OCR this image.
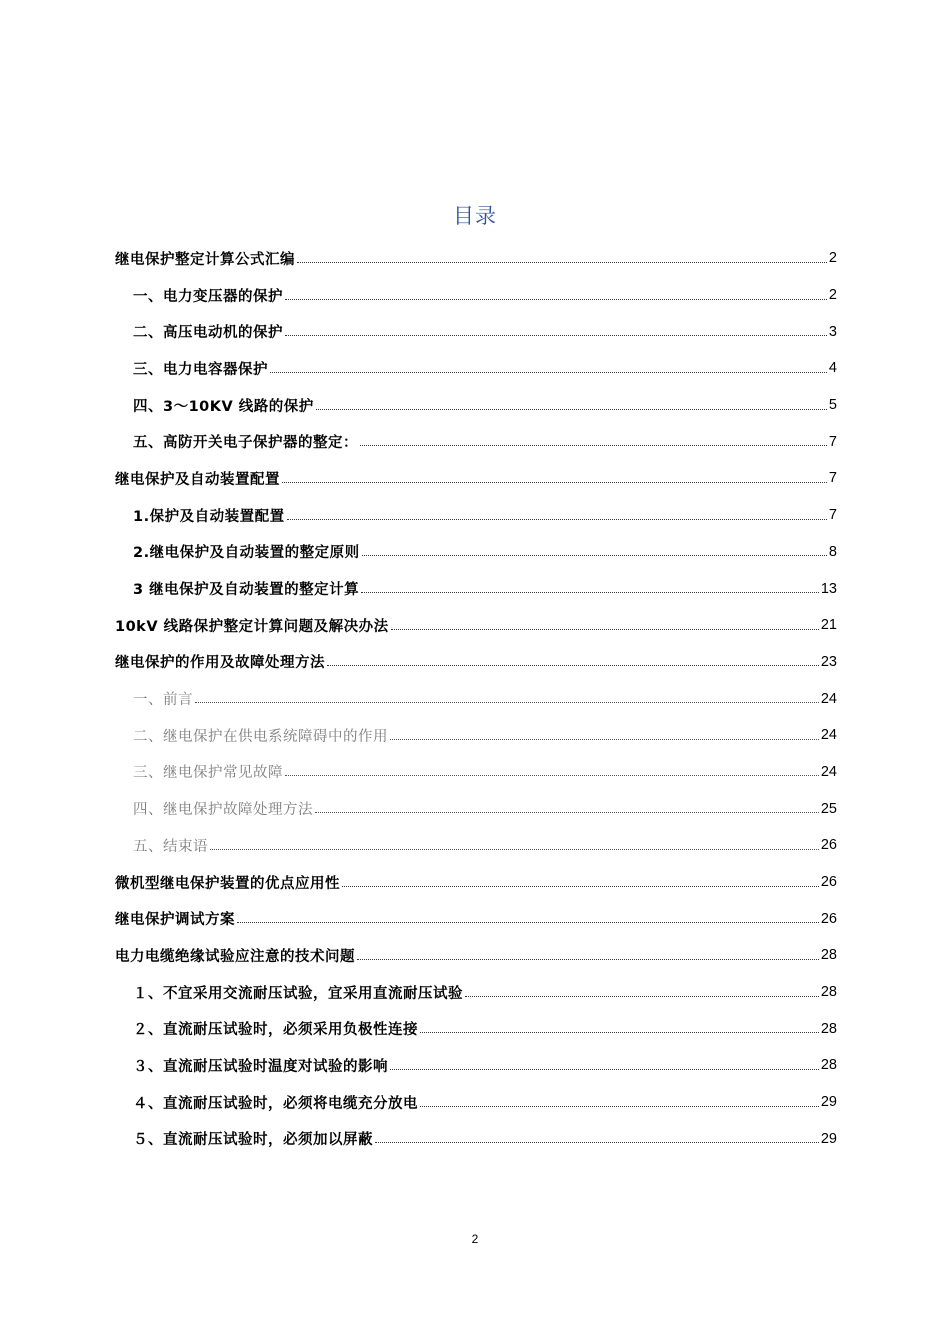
目录
继电保护整定计算公式汇编	2
一、电力变压器的保护	2
二、高压电动机的保护	3
三、电力电容器保护	4
四、3～10KV 线路的保护	5
五、高防开关电子保护器的整定：	7
继电保护及自动装置配置	7
1.保护及自动装置配置	7
2.继电保护及自动装置的整定原则	8
3 继电保护及自动装置的整定计算	13
10kV 线路保护整定计算问题及解决办法	21
继电保护的作用及故障处理方法	23
一、前言	24
二、继电保护在供电系统障碍中的作用	24
三、继电保护常见故障	24
四、继电保护故障处理方法	25
五、结束语	26
微机型继电保护装置的优点应用性	26
继电保护调试方案	26
电力电缆绝缘试验应注意的技术问题	28
１、不宜采用交流耐压试验，宜采用直流耐压试验	28
２、直流耐压试验时，必须采用负极性连接	28
３、直流耐压试验时温度对试验的影响	28
４、直流耐压试验时，必须将电缆充分放电	29
５、直流耐压试验时，必须加以屏蔽	29
2
